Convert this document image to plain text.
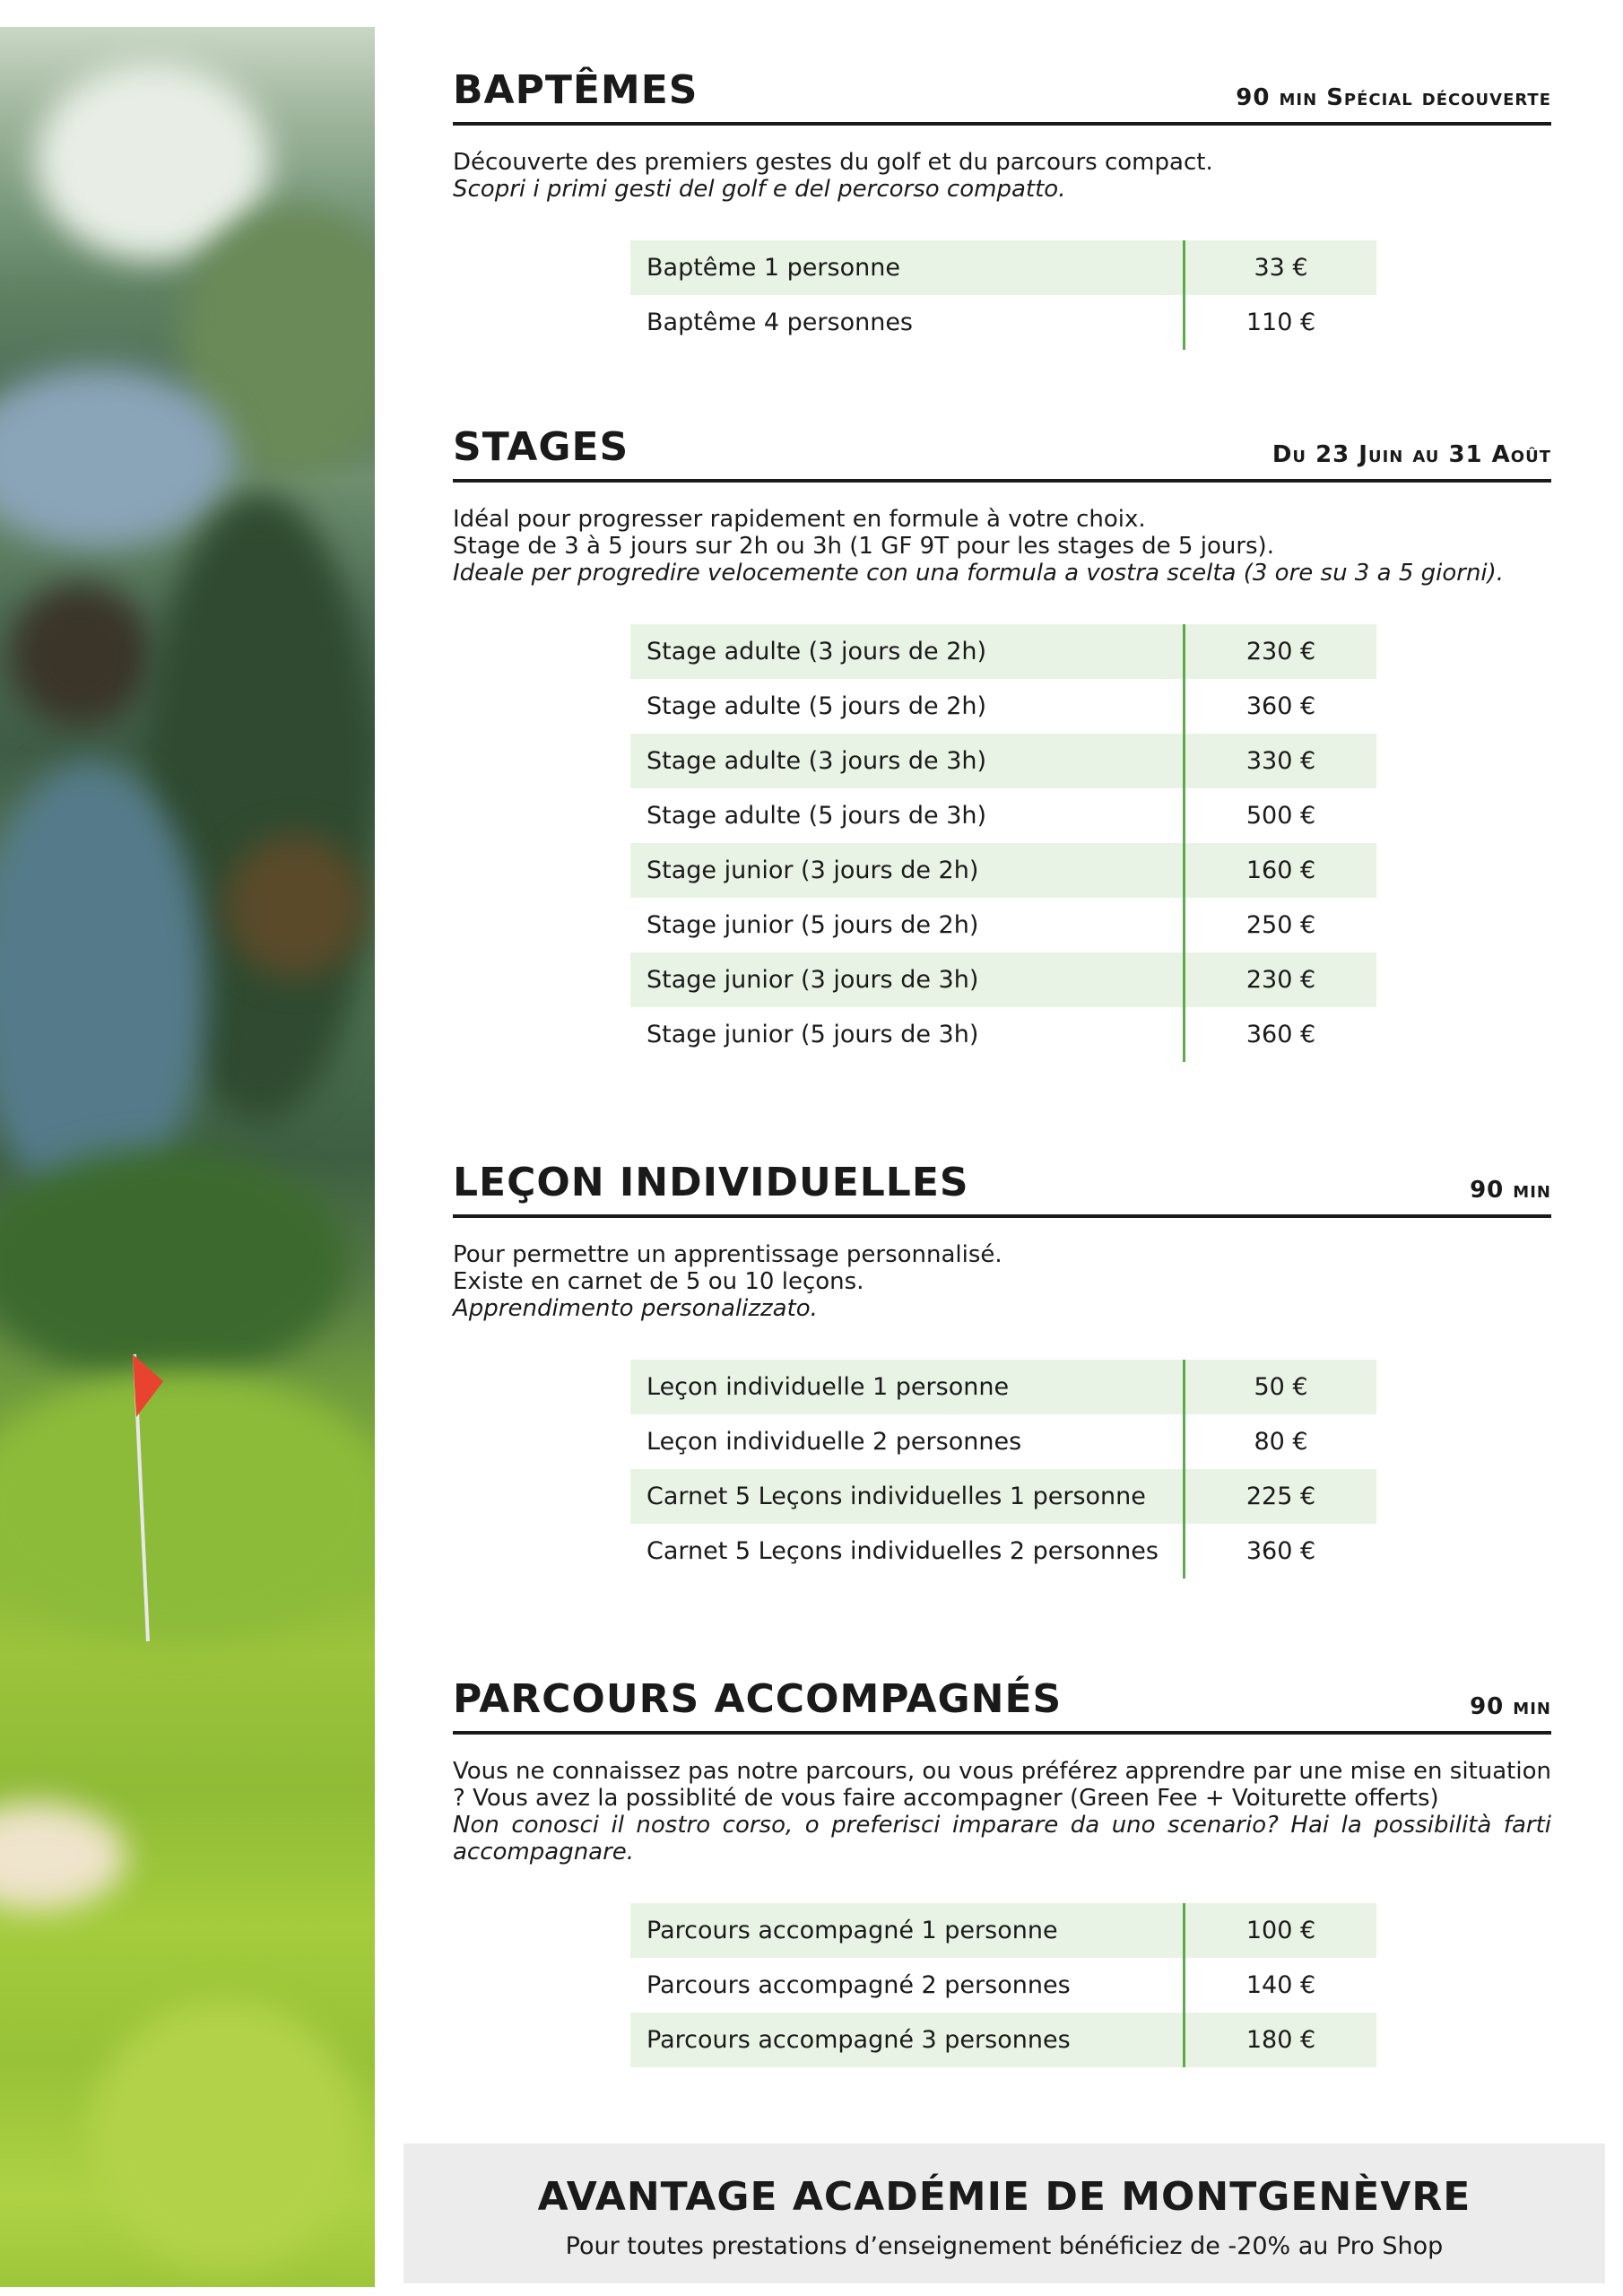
BAPTÊMES	90 min Spécial découverte

Découverte des premiers gestes du golf et du parcours compact.

Scopri i primi gesti del golf e del percorso compatto.

Baptême 1 personne	33 €
Baptême 4 personnes	110 €
STAGES	Du 23 Juin au 31 Août

Idéal pour progresser rapidement en formule à votre choix.

Stage de 3 à 5 jours sur 2h ou 3h (1 GF 9T pour les stages de 5 jours).

Ideale per progredire velocemente con una formula a vostra scelta (3 ore su 3 a 5 giorni).

Stage adulte (3 jours de 2h)	230 €
Stage adulte (5 jours de 2h)	360 €
Stage adulte (3 jours de 3h)	330 €
Stage adulte (5 jours de 3h)	500 €
Stage junior (3 jours de 2h)	160 €
Stage junior (5 jours de 2h)	250 €
Stage junior (3 jours de 3h)	230 €
Stage junior (5 jours de 3h)	360 €
LEÇON INDIVIDUELLES	90 min

Pour permettre un apprentissage personnalisé.

Existe en carnet de 5 ou 10 leçons.

Apprendimento personalizzato.

Leçon individuelle 1 personne	50 €
Leçon individuelle 2 personnes	80 €
Carnet 5 Leçons individuelles 1 personne	225 €
Carnet 5 Leçons individuelles 2 personnes	360 €
PARCOURS ACCOMPAGNÉS	90 min

Vous ne connaissez pas notre parcours, ou vous préférez apprendre par une mise en situation ? Vous avez la possiblité de vous faire accompagner (Green Fee + Voiturette offerts)

Non conosci il nostro corso, o preferisci imparare da uno scenario? Hai la possibilità farti accompagnare.

Parcours accompagné 1 personne	100 €
Parcours accompagné 2 personnes	140 €
Parcours accompagné 3 personnes	180 €
AVANTAGE ACADÉMIE DE MONTGENÈVRE
Pour toutes prestations d’enseignement bénéficiez de -20% au Pro Shop
